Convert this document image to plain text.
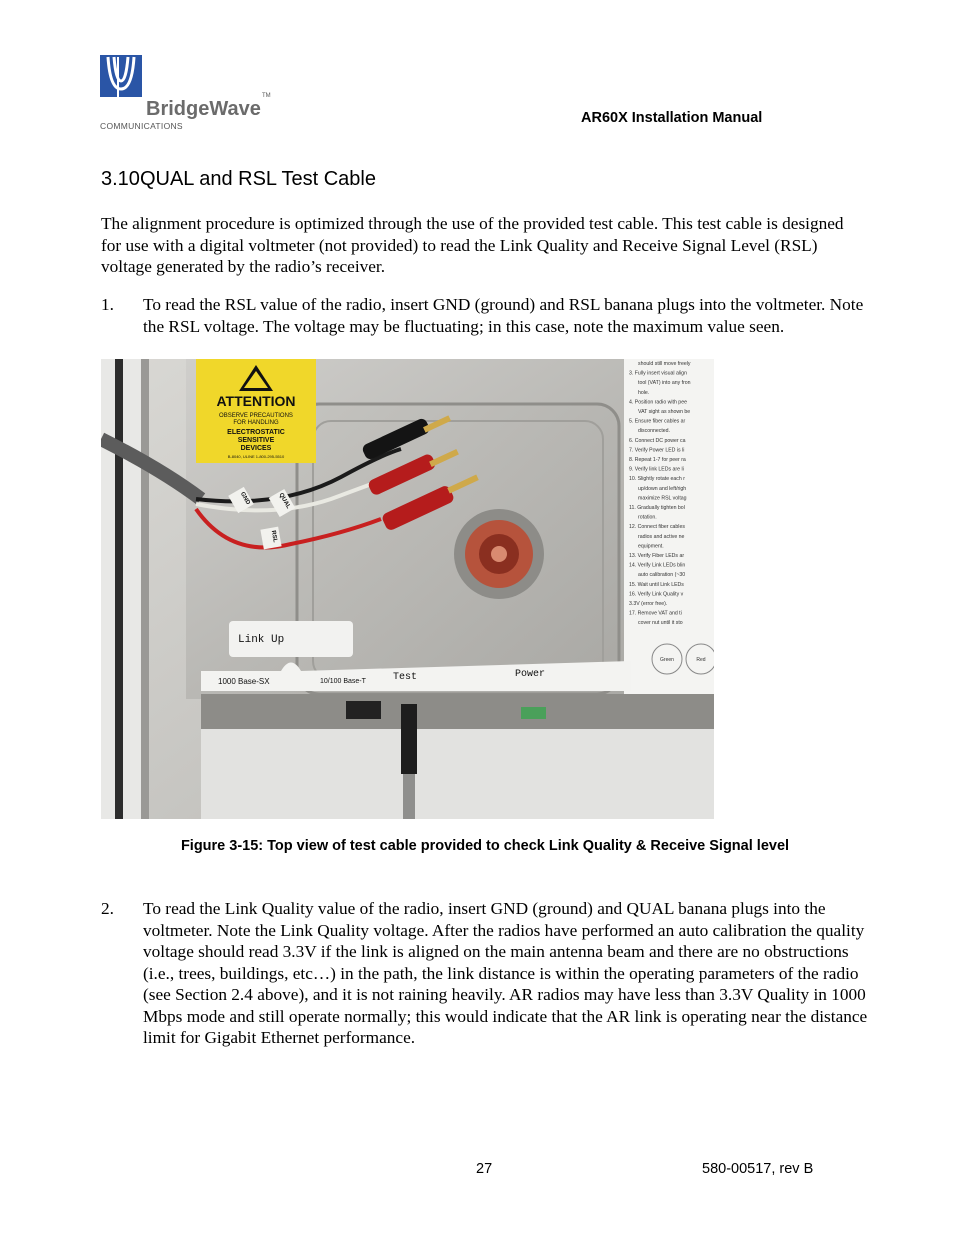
BridgeWave
COMMUNICATIONS
TM
AR60X Installation Manual
3.10QUAL and RSL Test Cable

The alignment procedure is optimized through the use of the provided test cable. This test cable is designed for use with a digital voltmeter (not provided) to read the Link Quality and Receive Signal Level (RSL) voltage generated by the radio’s receiver.

1. To read the RSL value of the radio, insert GND (ground) and RSL banana plugs into the voltmeter. Note the RSL voltage. The voltage may be fluctuating; in this case, note the maximum value seen.
ATTENTION
OBSERVE PRECAUTIONS
FOR HANDLING
ELECTROSTATIC
SENSITIVE
DEVICES
B-8040, ULINE 1-800-295-5510
should still move freely
3. Fully insert visual align
tool (VAT) into any fron
hole.
4. Position radio with pee
VAT sight as shown be
5. Ensure fiber cables ar
disconnected.
6. Connect DC power ca
7. Verify Power LED is li
8. Repeat 1-7 for peer ra
9. Verify link LEDs are li
10. Slightly rotate each r
up/down and left/righ
maximize RSL voltag
11. Gradually tighten bol
rotation.
12. Connect fiber cables
radios and active ne
equipment.
13. Verify Fiber LEDs ar
14. Verify Link LEDs blin
auto calibration (~30
15. Wait until Link LEDs
16. Verify Link Quality v
3.3V (error free).
17. Remove VAT and ti
cover nut until it sto
Green	Red
Link Up
1000 Base-SX	10/100 Base-T	Test	Power
GND	QUAL
RSL
Figure 3-15: Top view of test cable provided to check Link Quality & Receive Signal level
2. To read the Link Quality value of the radio, insert GND (ground) and QUAL banana plugs into the voltmeter. Note the Link Quality voltage. After the radios have performed an auto calibration the quality voltage should read 3.3V if the link is aligned on the main antenna beam and there are no obstructions (i.e., trees, buildings, etc…) in the path, the link distance is within the operating parameters of the radio (see Section 2.4 above), and it is not raining heavily. AR radios may have less than 3.3V Quality in 1000 Mbps mode and still operate normally; this would indicate that the AR link is operating near the distance limit for Gigabit Ethernet performance.
27	580-00517, rev B
